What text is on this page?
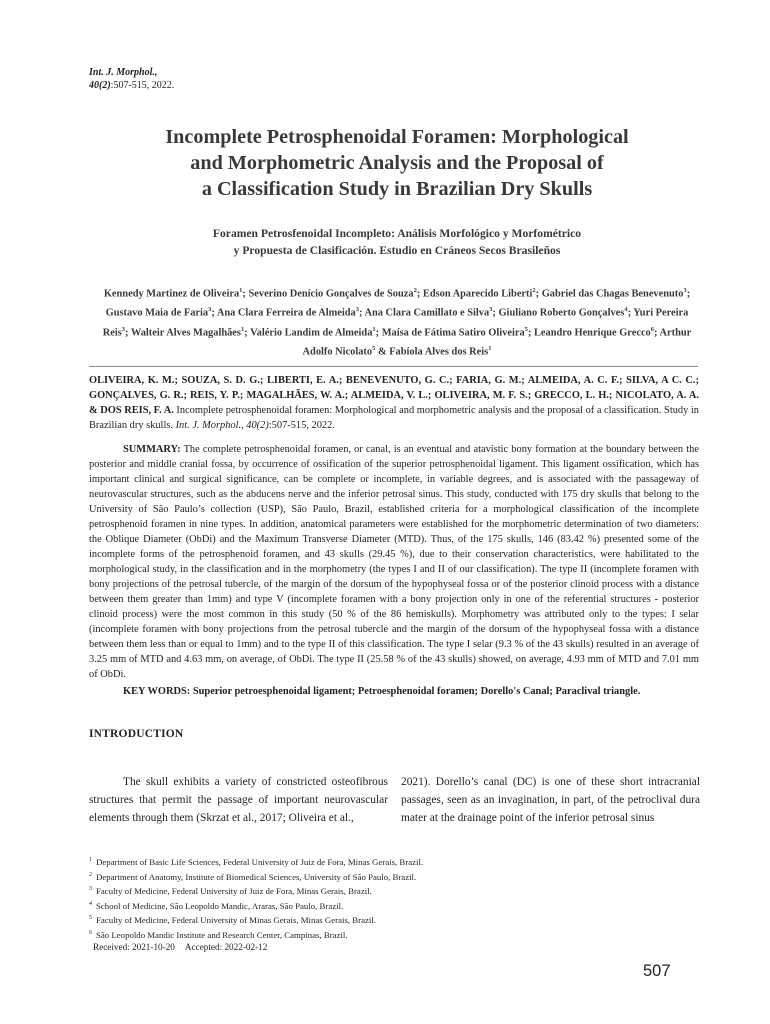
Int. J. Morphol.,
40(2):507-515, 2022.
Incomplete Petrosphenoidal Foramen: Morphological
and Morphometric Analysis and the Proposal of
a Classification Study in Brazilian Dry Skulls
Foramen Petrosfenoidal Incompleto: Análisis Morfológico y Morfométrico
y Propuesta de Clasificación. Estudio en Cráneos Secos Brasileños
Kennedy Martinez de Oliveira$^1$; Severino Denício Gonçalves de Souza$^2$; Edson Aparecido Liberti$^2$; Gabriel das Chagas Benevenuto$^3$; Gustavo Maia de Faria$^3$; Ana Clara Ferreira de Almeida$^3$; Ana Clara Camillato e Silva$^3$; Giuliano Roberto Gonçalves$^4$; Yuri Pereira Reis$^3$; Walteir Alves Magalhães$^1$; Valério Landim de Almeida$^1$; Maísa de Fátima Satiro Oliveira$^5$; Leandro Henrique Grecco$^6$; Arthur Adolfo Nicolato$^5$ & Fabíola Alves dos Reis$^1$
OLIVEIRA, K. M.; SOUZA, S. D. G.; LIBERTI, E. A.; BENEVENUTO, G. C.; FARIA, G. M.; ALMEIDA, A. C. F.; SILVA, A C. C.; GONÇALVES, G. R.; REIS, Y. P.; MAGALHÃES, W. A.; ALMEIDA, V. L.; OLIVEIRA, M. F. S.; GRECCO, L. H.; NICOLATO, A. A. & DOS REIS, F. A. Incomplete petrosphenoidal foramen: Morphological and morphometric analysis and the proposal of a classification. Study in Brazilian dry skulls. Int. J. Morphol., 40(2):507-515, 2022.

SUMMARY: The complete petrosphenoidal foramen, or canal, is an eventual and atavistic bony formation at the boundary between the posterior and middle cranial fossa, by occurrence of ossification of the superior petrosphenoidal ligament. This ligament ossification, which has important clinical and surgical significance, can be complete or incomplete, in variable degrees, and is associated with the passageway of neurovascular structures, such as the abducens nerve and the inferior petrosal sinus. This study, conducted with 175 dry skulls that belong to the University of São Paulo’s collection (USP), São Paulo, Brazil, established criteria for a morphological classification of the incomplete petrosphenoid foramen in nine types. In addition, anatomical parameters were established for the morphometric determination of two diameters: the Oblique Diameter (ObDi) and the Maximum Transverse Diameter (MTD). Thus, of the 175 skulls, 146 (83.42 %) presented some of the incomplete forms of the petrosphenoid foramen, and 43 skulls (29.45 %), due to their conservation characteristics, were habilitated to the morphological study, in the classification and in the morphometry (the types I and II of our classification). The type II (incomplete foramen with bony projections of the petrosal tubercle, of the margin of the dorsum of the hypophyseal fossa or of the posterior clinoid process with a distance between them greater than 1mm) and type V (incomplete foramen with a bony projection only in one of the referential structures - posterior clinoid process) were the most common in this study (50 % of the 86 hemiskulls). Morphometry was attributed only to the types: I selar (incomplete foramen with bony projections from the petrosal tubercle and the margin of the dorsum of the hypophyseal fossa with a distance between them less than or equal to 1mm) and to the type II of this classification. The type I selar (9.3 % of the 43 skulls) resulted in an average of 3.25 mm of MTD and 4.63 mm, on average, of ObDi. The type II (25.58 % of the 43 skulls) showed, on average, 4.93 mm of MTD and 7.01 mm of ObDi.

KEY WORDS: Superior petroesphenoidal ligament; Petroesphenoidal foramen; Dorello's Canal; Paraclival triangle.
INTRODUCTION
The skull exhibits a variety of constricted osteofibrous structures that permit the passage of important neurovascular elements through them (Skrzat et al., 2017; Oliveira et al.,
2021). Dorello’s canal (DC) is one of these short intracranial passages, seen as an invagination, in part, of the petroclival dura mater at the drainage point of the inferior petrosal sinus
$^1$ Department of Basic Life Sciences, Federal University of Juiz de Fora, Minas Gerais, Brazil.
$^2$ Department of Anatomy, Institute of Biomedical Sciences, University of São Paulo, Brazil.
$^3$ Faculty of Medicine, Federal University of Juiz de Fora, Minas Gerais, Brazil.
$^4$ School of Medicine, São Leopoldo Mandic, Araras, São Paulo, Brazil.
$^5$ Faculty of Medicine, Federal University of Minas Gerais, Minas Gerais, Brazil.
$^6$ São Leopoldo Mandic Institute and Research Center, Campinas, Brazil.
Received: 2021-10-20 Accepted: 2022-02-12
507
